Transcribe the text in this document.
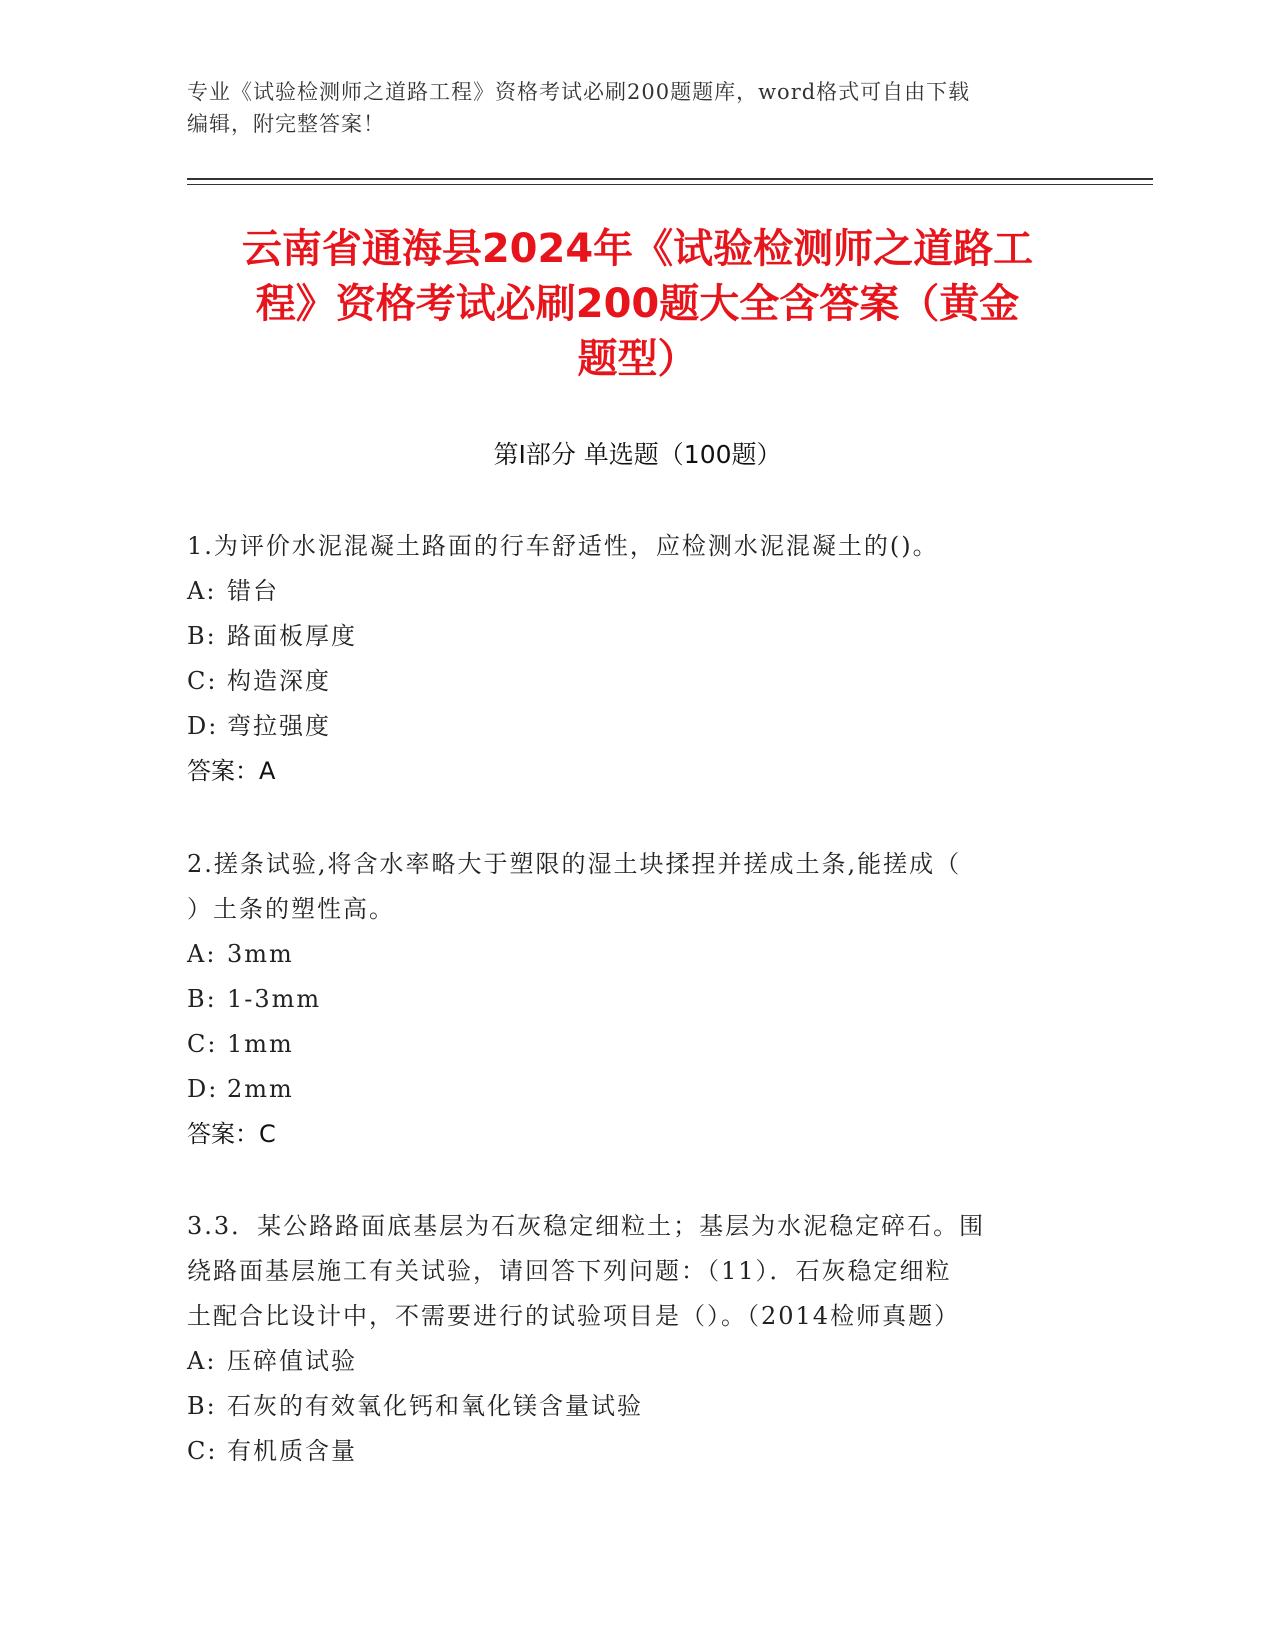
专业《试验检测师之道路工程》资格考试必刷200题题库，word格式可自由下载
编辑，附完整答案！
云南省通海县2024年《试验检测师之道路工
程》资格考试必刷200题大全含答案（黄金
题型）
第Ⅰ部分 单选题（100题）
1.为评价水泥混凝土路面的行车舒适性，应检测水泥混凝土的()。
A: 错台
B: 路面板厚度
C: 构造深度
D: 弯拉强度
答案：A
2.搓条试验,将含水率略大于塑限的湿土块揉捏并搓成土条,能搓成（
）土条的塑性高。
A: 3mm
B: 1-3mm
C: 1mm
D: 2mm
答案：C
3.3．某公路路面底基层为石灰稳定细粒土；基层为水泥稳定碎石。围
绕路面基层施工有关试验，请回答下列问题：（11）．石灰稳定细粒
土配合比设计中，不需要进行的试验项目是（）。（2014检师真题）
A: 压碎值试验
B: 石灰的有效氧化钙和氧化镁含量试验
C: 有机质含量
